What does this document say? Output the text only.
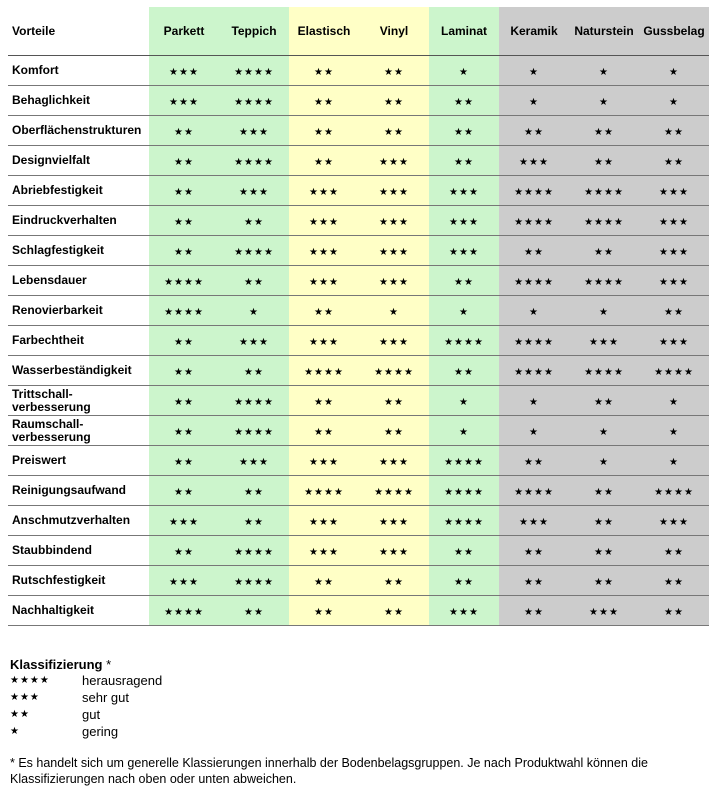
Vorteile	Parkett	Teppich	Elastisch	Vinyl	Laminat	Keramik	Naturstein	Gussbelag
Komfort	★★★	★★★★	★★	★★	★	★	★	★
Behaglichkeit	★★★	★★★★	★★	★★	★★	★	★	★
Oberflächenstrukturen	★★	★★★	★★	★★	★★	★★	★★	★★
Designvielfalt	★★	★★★★	★★	★★★	★★	★★★	★★	★★
Abriebfestigkeit	★★	★★★	★★★	★★★	★★★	★★★★	★★★★	★★★
Eindruckverhalten	★★	★★	★★★	★★★	★★★	★★★★	★★★★	★★★
Schlagfestigkeit	★★	★★★★	★★★	★★★	★★★	★★	★★	★★★
Lebensdauer	★★★★	★★	★★★	★★★	★★	★★★★	★★★★	★★★
Renovierbarkeit	★★★★	★	★★	★	★	★	★	★★
Farbechtheit	★★	★★★	★★★	★★★	★★★★	★★★★	★★★	★★★
Wasserbeständigkeit	★★	★★	★★★★	★★★★	★★	★★★★	★★★★	★★★★
Trittschall-verbesserung	★★	★★★★	★★	★★	★	★	★★	★
Raumschall-verbesserung	★★	★★★★	★★	★★	★	★	★	★
Preiswert	★★	★★★	★★★	★★★	★★★★	★★	★	★
Reinigungsaufwand	★★	★★	★★★★	★★★★	★★★★	★★★★	★★	★★★★
Anschmutzverhalten	★★★	★★	★★★	★★★	★★★★	★★★	★★	★★★
Staubbindend	★★	★★★★	★★★	★★★	★★	★★	★★	★★
Rutschfestigkeit	★★★	★★★★	★★	★★	★★	★★	★★	★★
Nachhaltigkeit	★★★★	★★	★★	★★	★★★	★★	★★★	★★
Klassifizierung *
★★★★	herausragend
★★★	sehr gut
★★	gut
★	gering
* Es handelt sich um generelle Klassierungen innerhalb der Bodenbelagsgruppen. Je nach Produktwahl können die Klassifizierungen nach oben oder unten abweichen.
